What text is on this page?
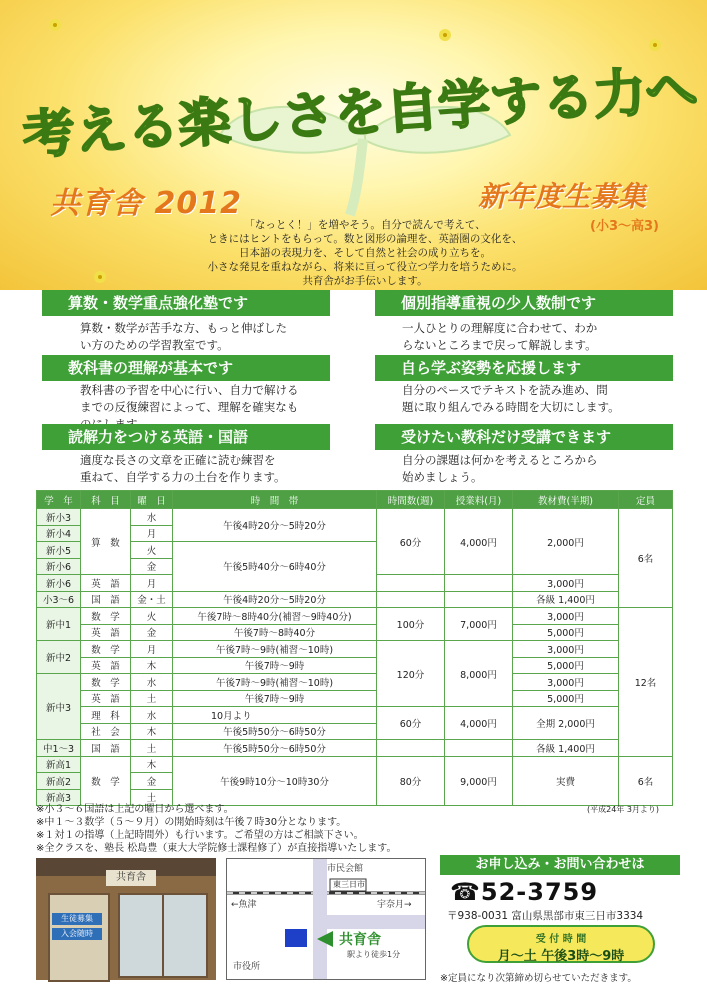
考える楽しさを自学する力へ
共育舎 2012	新年度生募集
(小3～高3)
「なっとく！」を増やそう。自分で読んで考えて、
ときにはヒントをもらって。数と図形の論理を、英語圏の文化を、
日本語の表現力を、そして自然と社会の成り立ちを。
小さな発見を重ねながら、将来に亘って役立つ学力を培うために。
共育舎がお手伝いします。
算数・数学重点強化塾です
算数・数学が苦手な方、もっと伸ばした
い方のための学習教室です。
個別指導重視の少人数制です
一人ひとりの理解度に合わせて、わか
らないところまで戻って解説します。
教科書の理解が基本です
教科書の予習を中心に行い、自力で解ける
までの反復練習によって、理解を確実なも
自ら学ぶ姿勢を応援します
自分のペースでテキストを読み進め、問
題に取り組んでみる時間を大切にします。
読解力をつける英語・国語
適度な長さの文章を正確に読む練習を
重ねて、自学する力の土台を作ります。
受けたい教科だけ受講できます
自分の課題は何かを考えるところから
始めましょう。
学　年	科　目	曜　日	時　間　帯	時間数(週)	授業料(月)	教材費(半期)	定員
新小3	算　数	水	午後4時20分～5時20分	60分	4,000円	2,000円	6名
新小4		月					
新小5		火	午後5時40分～6時40分				
新小6		金					
新小6	英　語	月				3,000円	
小3～6	国　語	金・土	午後4時20分～5時20分			各級 1,400円	
新中1	数　学	火	午後7時～8時40分(補習～9時40分)	100分	7,000円	3,000円	12名
	英　語	金	午後7時～8時40分			5,000円	
新中2	数　学	月	午後7時～9時(補習～10時)	120分	8,000円	3,000円	
	英　語	木	午後7時～9時			5,000円	
新中3	数　学	水	午後7時～9時(補習～10時)			3,000円	
	英　語	土	午後7時～9時			5,000円	
	理　科	水	10月より	60分	4,000円	全期 2,000円	
	社　会	木	午後5時50分～6時50分				
中1～3	国　語	土	午後5時50分～6時50分			各級 1,400円	
新高1	数　学	木	午後9時10分～10時30分	80分	9,000円	実費	6名
新高2		金					
新高3		土					
※小３～６国語は上記の曜日から選べます。
※中１～３数学（５～９月）の開始時刻は午後７時30分となります。
※１対１の指導（上記時間外）も行います。ご希望の方はご相談下さい。
※全クラスを、塾長 松島豊（東大大学院修士課程修了）が直接指導いたします。
(平成24年 3月より)
共育舎
生徒募集
入会随時
市民会館
東三日市
←魚津	宇奈月→
共育舎
駅より徒歩1分
市役所
お申し込み・お問い合わせは
☎52-3759
〒938-0031 富山県黒部市東三日市3334
受 付 時 間
月～土 午後3時～9時
※定員になり次第締め切らせていただきます。
